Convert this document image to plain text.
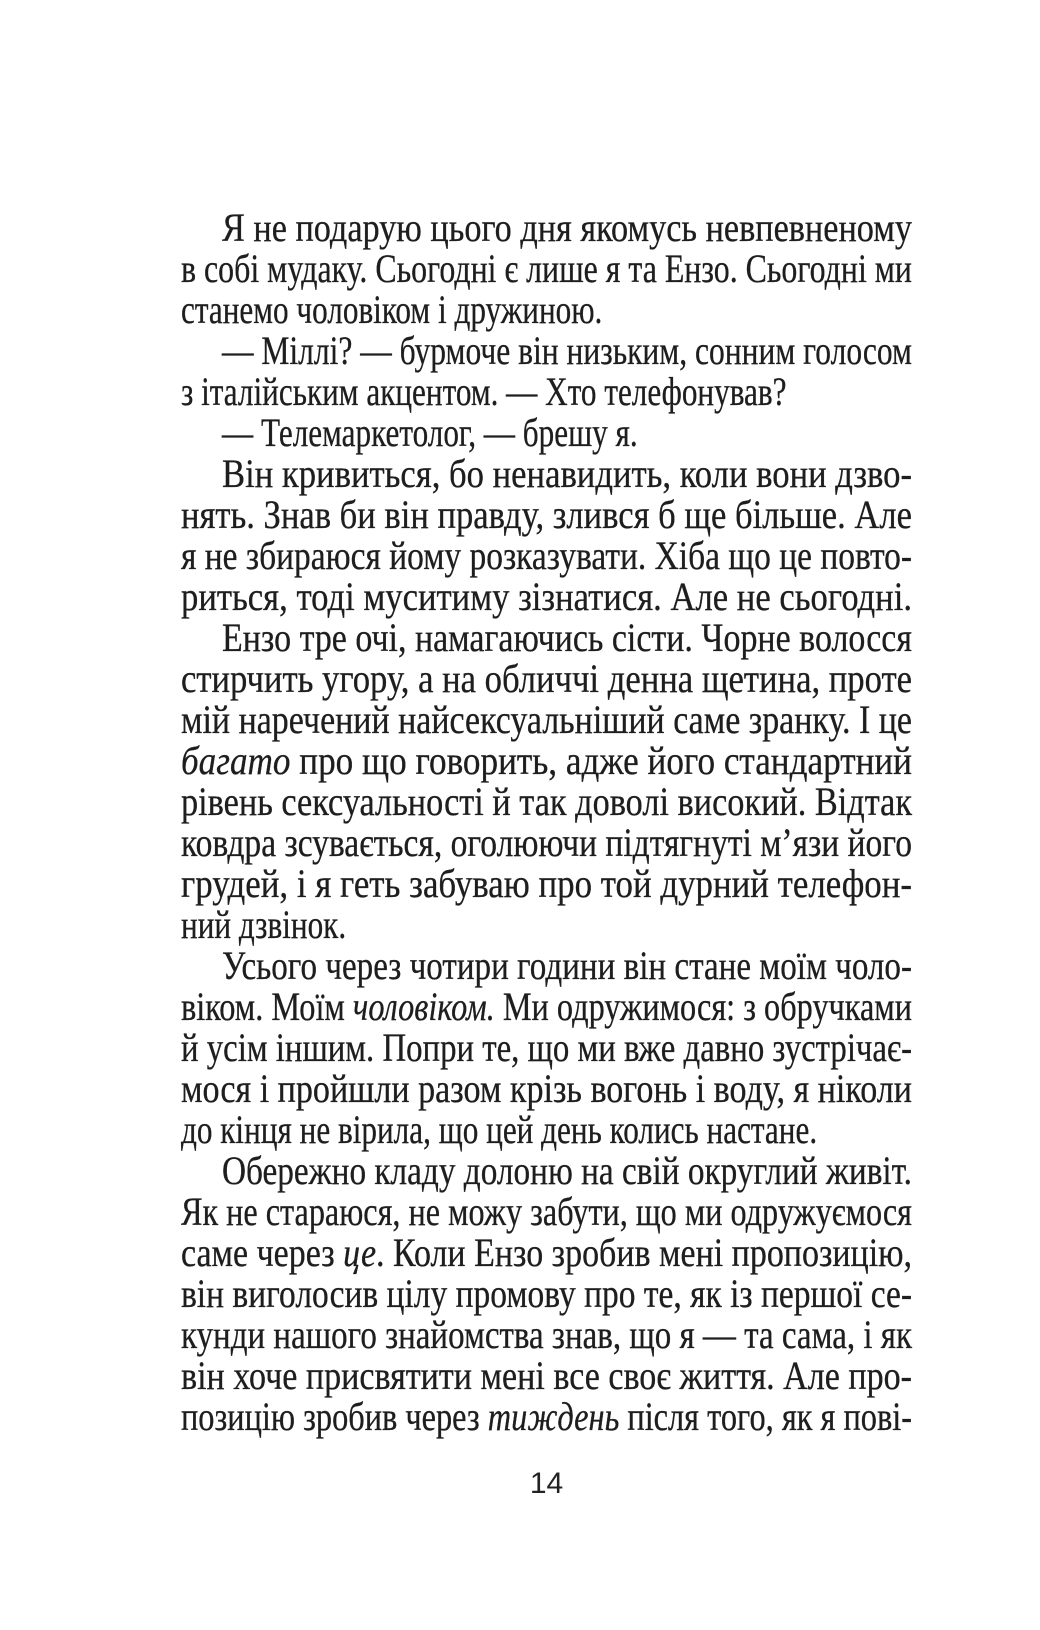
Я не подарую цього дня якомусь невпевненому
в собі мудаку. Сьогодні є лише я та Ензо. Сьогодні ми
станемо чоловіком і дружиною.
— Міллі? — бурмоче він низьким, сонним голосом
з італійським акцентом. — Хто телефонував?
— Телемаркетолог, — брешу я.
Він кривиться, бо ненавидить, коли вони дзво-
нять. Знав би він правду, злився б ще більше. Але
я не збираюся йому розказувати. Хіба що це повто-
риться, тоді муситиму зізнатися. Але не сьогодні.
Ензо тре очі, намагаючись сісти. Чорне волосся
стирчить угору, а на обличчі денна щетина, проте
мій наречений найсексуальніший саме зранку. І це
багато про що говорить, адже його стандартний
рівень сексуальності й так доволі високий. Відтак
ковдра зсувається, оголюючи підтягнуті м’язи його
грудей, і я геть забуваю про той дурний телефон-
ний дзвінок.
Усього через чотири години він стане моїм чоло-
віком. Моїм чоловіком. Ми одружимося: з обручками
й усім іншим. Попри те, що ми вже давно зустрічає-
мося і пройшли разом крізь вогонь і воду, я ніколи
до кінця не вірила, що цей день колись настане.
Обережно кладу долоню на свій округлий живіт.
Як не стараюся, не можу забути, що ми одружуємося
саме через це. Коли Ензо зробив мені пропозицію,
він виголосив цілу промову про те, як із першої се-
кунди нашого знайомства знав, що я — та сама, і як
він хоче присвятити мені все своє життя. Але про-
позицію зробив через тиждень після того, як я пові-
14
